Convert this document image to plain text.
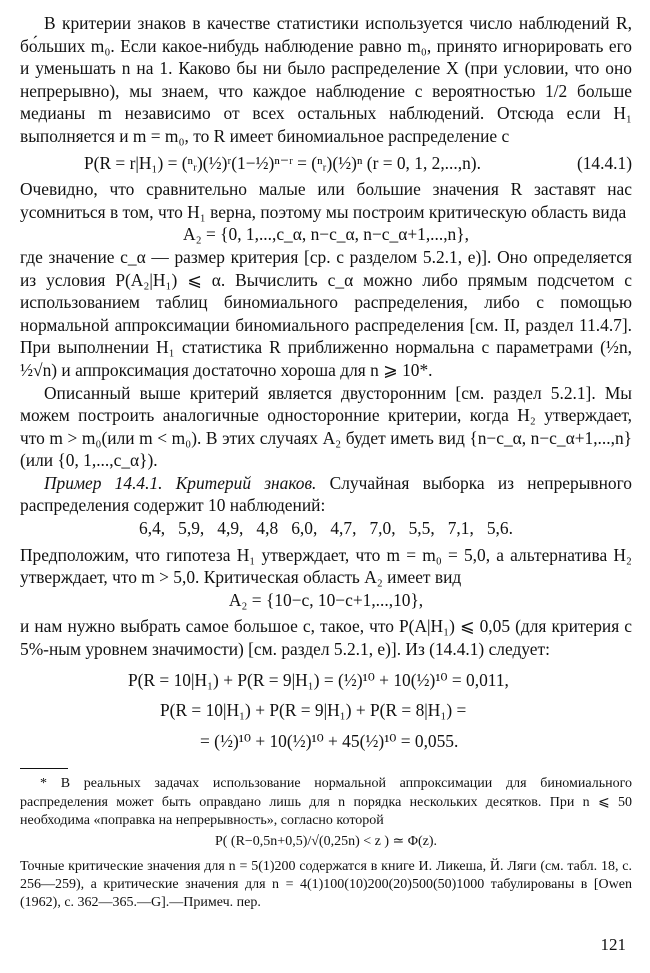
В критерии знаков в качестве статистики используется число наблюдений R, бо́льших m₀. Если какое-нибудь наблюдение равно m₀, принято игнорировать его и уменьшать n на 1. Каково бы ни было распределение X (при условии, что оно непрерывно), мы знаем, что каждое наблюдение с вероятностью 1/2 больше медианы m независимо от всех остальных наблюдений. Отсюда если H₁ выполняется и m = m₀, то R имеет биномиальное распределение с

P(R = r|H₁) = (ⁿᵣ)(½)ʳ(1−½)ⁿ⁻ʳ = (ⁿᵣ)(½)ⁿ (r = 0, 1, 2,...,n).	(14.4.1)

Очевидно, что сравнительно малые или большие значения R заставят нас усомниться в том, что H₁ верна, поэтому мы построим критическую область вида

A₂ = {0, 1,...,c_α, n−c_α, n−c_α+1,...,n},

где значение c_α — размер критерия [ср. с разделом 5.2.1, е)]. Оно определяется из условия P(A₂|H₁) ⩽ α. Вычислить c_α можно либо прямым подсчетом с использованием таблиц биномиального распределения, либо с помощью нормальной аппроксимации биномиального распределения [см. II, раздел 11.4.7]. При выполнении H₁ статистика R приближенно нормальна с параметрами (½n, ½√n) и аппроксимация достаточно хороша для n ⩾ 10*.

Описанный выше критерий является двусторонним [см. раздел 5.2.1]. Мы можем построить аналогичные односторонние критерии, когда H₂ утверждает, что m > m₀(или m < m₀). В этих случаях A₂ будет иметь вид {n−c_α, n−c_α+1,...,n} (или {0, 1,...,c_α}).

Пример 14.4.1. Критерий знаков. Случайная выборка из непрерывного распределения содержит 10 наблюдений:

6,4,   5,9,   4,9,   4,8   6,0,   4,7,   7,0,   5,5,   7,1,   5,6.

Предположим, что гипотеза H₁ утверждает, что m = m₀ = 5,0, а альтернатива H₂ утверждает, что m > 5,0. Критическая область A₂ имеет вид

A₂ = {10−c, 10−c+1,...,10},

и нам нужно выбрать самое большое c, такое, что P(A|H₁) ⩽ 0,05 (для критерия с 5%-ным уровнем значимости) [см. раздел 5.2.1, е)]. Из (14.4.1) следует:

P(R = 10|H₁) + P(R = 9|H₁) = (½)¹⁰ + 10(½)¹⁰ = 0,011,
P(R = 10|H₁) + P(R = 9|H₁) + P(R = 8|H₁) =
= (½)¹⁰ + 10(½)¹⁰ + 45(½)¹⁰ = 0,055.

* В реальных задачах использование нормальной аппроксимации для биномиального распределения может быть оправдано лишь для n порядка нескольких десятков. При n ⩽ 50 необходима «поправка на непрерывность», согласно которой

P( (R−0,5n+0,5)/√(0,25n) < z ) ≃ Φ(z).

Точные критические значения для n = 5(1)200 содержатся в книге И. Ликеша, Й. Ляги (см. табл. 18, с. 256—259), а критические значения для n = 4(1)100(10)200(20)500(50)1000 табулированы в [Owen (1962), с. 362—365.—G].—Примеч. пер.

121
